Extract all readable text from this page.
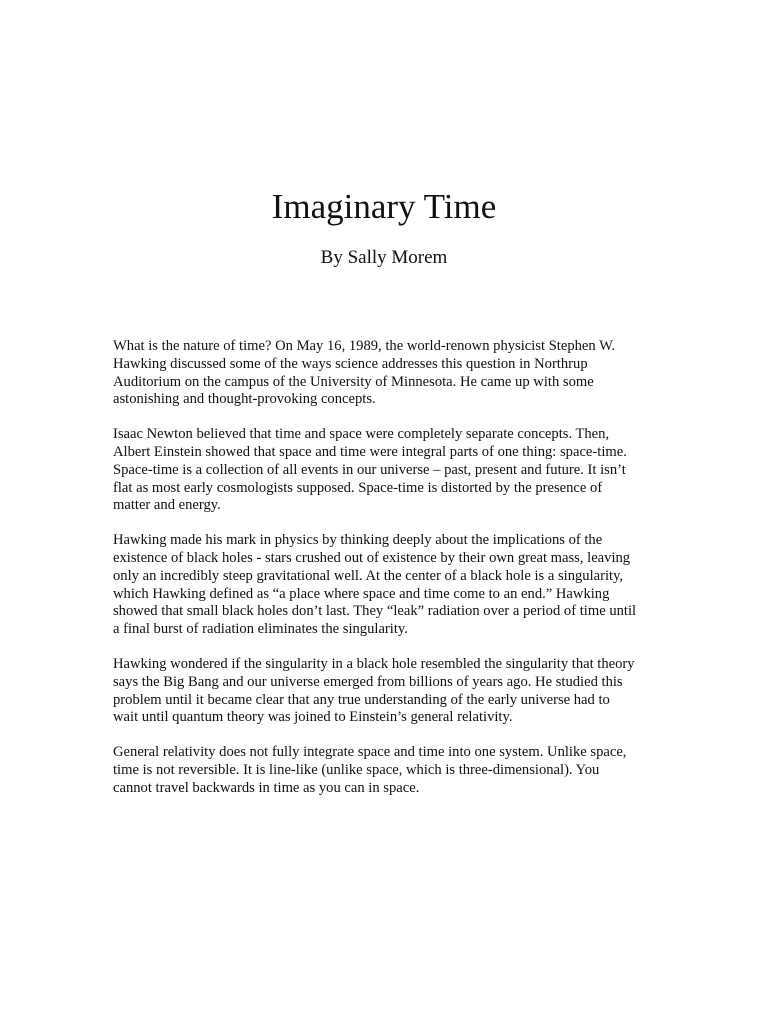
Imaginary Time
By Sally Morem

What is the nature of time? On May 16, 1989, the world-renown physicist Stephen W.
Hawking discussed some of the ways science addresses this question in Northrup
Auditorium on the campus of the University of Minnesota. He came up with some
astonishing and thought-provoking concepts.

Isaac Newton believed that time and space were completely separate concepts. Then,
Albert Einstein showed that space and time were integral parts of one thing: space-time.
Space-time is a collection of all events in our universe – past, present and future. It isn’t
flat as most early cosmologists supposed. Space-time is distorted by the presence of
matter and energy.

Hawking made his mark in physics by thinking deeply about the implications of the
existence of black holes - stars crushed out of existence by their own great mass, leaving
only an incredibly steep gravitational well. At the center of a black hole is a singularity,
which Hawking defined as “a place where space and time come to an end.” Hawking
showed that small black holes don’t last. They “leak” radiation over a period of time until
a final burst of radiation eliminates the singularity.

Hawking wondered if the singularity in a black hole resembled the singularity that theory
says the Big Bang and our universe emerged from billions of years ago. He studied this
problem until it became clear that any true understanding of the early universe had to
wait until quantum theory was joined to Einstein’s general relativity.

General relativity does not fully integrate space and time into one system. Unlike space,
time is not reversible. It is line-like (unlike space, which is three-dimensional). You
cannot travel backwards in time as you can in space.
